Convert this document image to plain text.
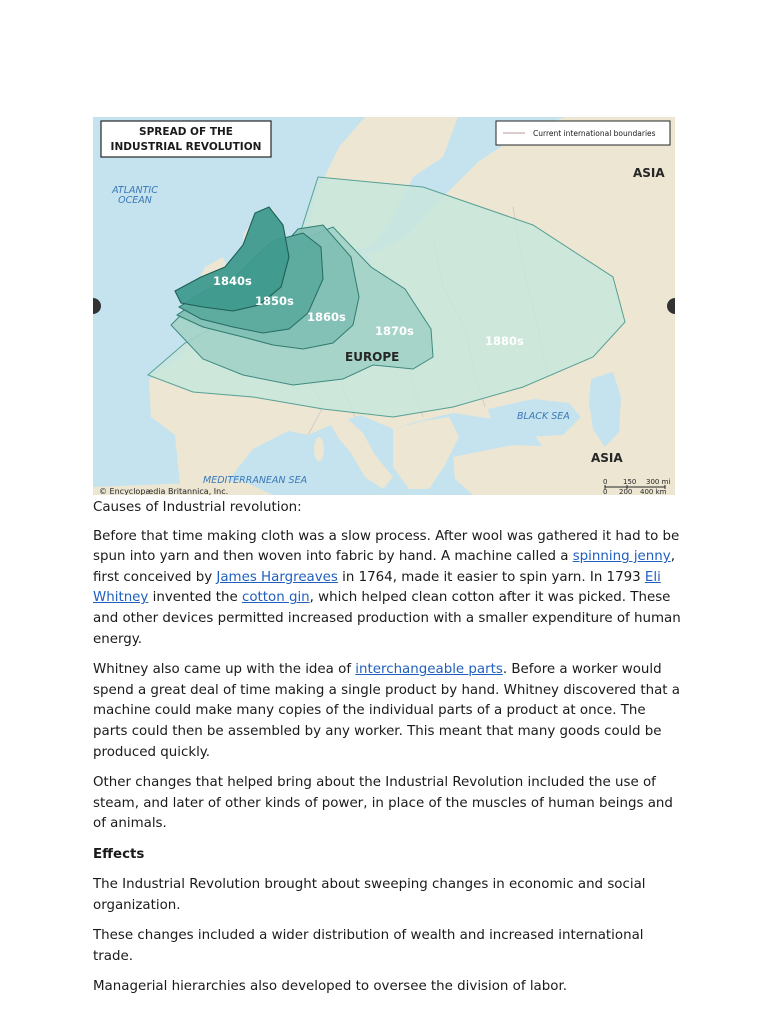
1840s
1850s
1860s
1870s
1880s
ATLANTIC
OCEAN
ASIA
ASIA
EUROPE
BLACK SEA
MEDITERRANEAN SEA
© Encyclopædia Britannica, Inc.
SPREAD OF THE
INDUSTRIAL REVOLUTION
Current international boundaries
0 150 300 mi
0 200 400 km

Causes of Industrial revolution:

Before that time making cloth was a slow process. After wool was gathered it had to be spun into yarn and then woven into fabric by hand. A machine called a spinning jenny, first conceived by James Hargreaves in 1764, made it easier to spin yarn. In 1793 Eli Whitney invented the cotton gin, which helped clean cotton after it was picked. These and other devices permitted increased production with a smaller expenditure of human energy.

Whitney also came up with the idea of interchangeable parts. Before a worker would spend a great deal of time making a single product by hand. Whitney discovered that a machine could make many copies of the individual parts of a product at once. The parts could then be assembled by any worker. This meant that many goods could be produced quickly.

Other changes that helped bring about the Industrial Revolution included the use of steam, and later of other kinds of power, in place of the muscles of human beings and of animals.

Effects

The Industrial Revolution brought about sweeping changes in economic and social organization.

These changes included a wider distribution of wealth and increased international trade.

Managerial hierarchies also developed to oversee the division of labor.
